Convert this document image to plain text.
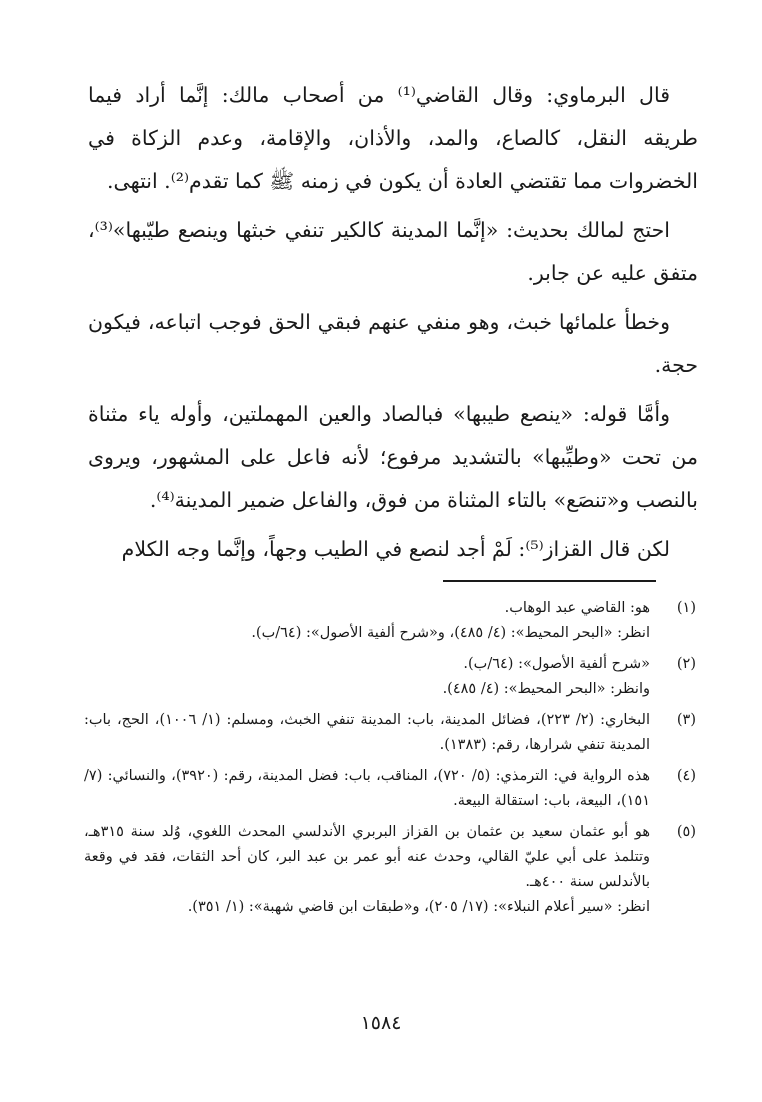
قال البرماوي: وقال القاضي⁽¹⁾ من أصحاب مالك: إنَّما أراد فيما طريقه النقل، كالصاع، والمد، والأذان، والإقامة، وعدم الزكاة في الخضروات مما تقتضي العادة أن يكون في زمنه ﷺ كما تقدم⁽²⁾. انتهى.

احتج لمالك بحديث: «إنَّما المدينة كالكير تنفي خبثها وينصع طيّبها»⁽³⁾، متفق عليه عن جابر.

وخطأ علمائها خبث، وهو منفي عنهم فبقي الحق فوجب اتباعه، فيكون حجة.

وأمَّا قوله: «ينصع طيبها» فبالصاد والعين المهملتين، وأوله ياء مثناة من تحت «وطيِّبها» بالتشديد مرفوع؛ لأنه فاعل على المشهور، ويروى بالنصب و«تنصَع» بالتاء المثناة من فوق، والفاعل ضمير المدينة⁽⁴⁾.

لكن قال القزاز⁽⁵⁾: لَمْ أجد لنصع في الطيب وجهاً، وإنَّما وجه الكلام

(١)
هو: القاضي عبد الوهاب.
انظر: «البحر المحيط»: (٤/ ٤٨٥)، و«شرح ألفية الأصول»: (٦٤/ب).
(٢)
«شرح ألفية الأصول»: (٦٤/ب).
وانظر: «البحر المحيط»: (٤/ ٤٨٥).
(٣)
البخاري: (٢/ ٢٢٣)، فضائل المدينة، باب: المدينة تنفي الخبث، ومسلم: (١/ ١٠٠٦)، الحج، باب: المدينة تنفي شرارها، رقم: (١٣٨٣).
(٤)
هذه الرواية في: الترمذي: (٥/ ٧٢٠)، المناقب، باب: فضل المدينة، رقم: (٣٩٢٠)، والنسائي: (٧/ ١٥١)، البيعة، باب: استقالة البيعة.
(٥)
هو أبو عثمان سعيد بن عثمان بن القزاز البربري الأندلسي المحدث اللغوي، وُلد سنة ٣١٥هـ، وتتلمذ على أبي عليّ القالي، وحدث عنه أبو عمر بن عبد البر، كان أحد الثقات، فقد في وقعة بالأندلس سنة ٤٠٠هـ.
انظر: «سير أعلام النبلاء»: (١٧/ ٢٠٥)، و«طبقات ابن قاضي شهبة»: (١/ ٣٥١).
١٥٨٤
